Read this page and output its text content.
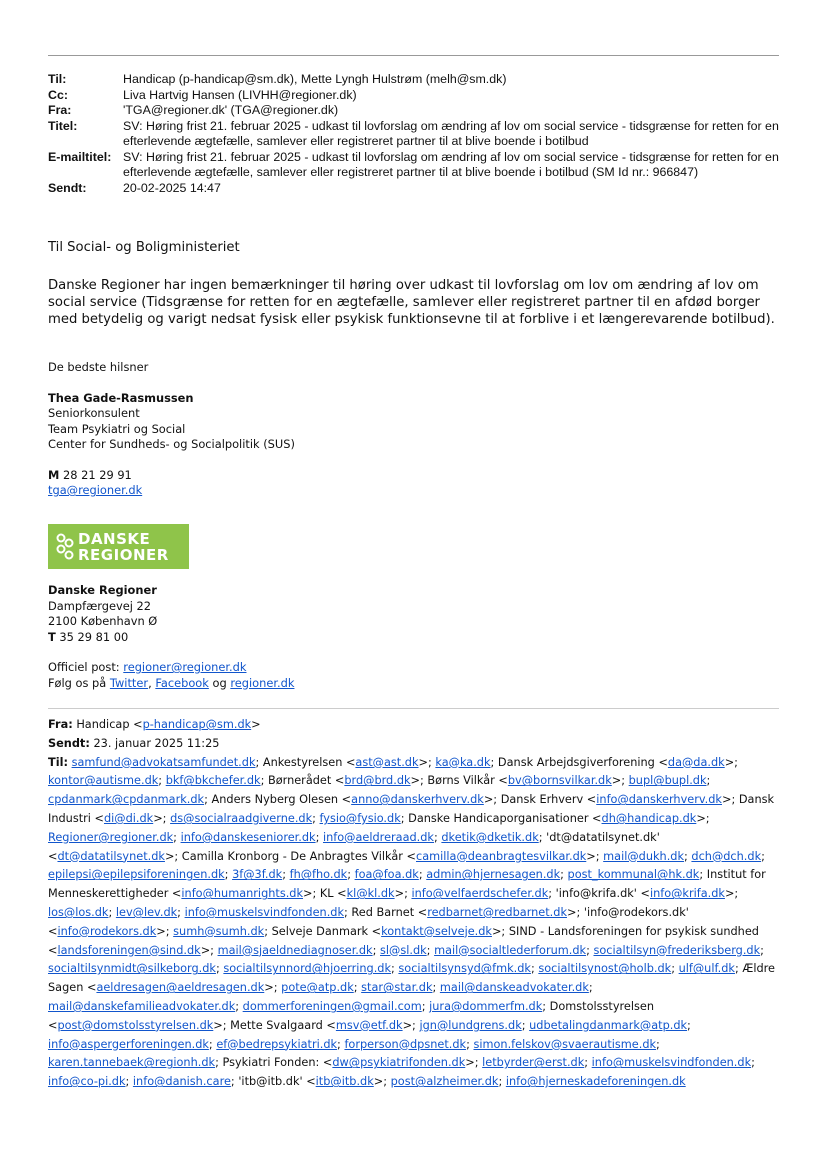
Til:	Handicap (p-handicap@sm.dk), Mette Lyngh Hulstrøm (melh@sm.dk)
Cc:	Liva Hartvig Hansen (LIVHH@regioner.dk)
Fra:	'TGA@regioner.dk' (TGA@regioner.dk)
Titel:	SV: Høring frist 21. februar 2025 - udkast til lovforslag om ændring af lov om social service - tidsgrænse for retten for en efterlevende ægtefælle, samlever eller registreret partner til at blive boende i botilbud
E-mailtitel: SV: Høring frist 21. februar 2025 - udkast til lovforslag om ændring af lov om social service - tidsgrænse for retten for en efterlevende ægtefælle, samlever eller registreret partner til at blive boende i botilbud (SM Id nr.: 966847)
Sendt:	20-02-2025 14:47
Til Social- og Boligministeriet
Danske Regioner har ingen bemærkninger til høring over udkast til lovforslag om lov om ændring af lov om social service (Tidsgrænse for retten for en ægtefælle, samlever eller registreret partner til en afdød borger med betydelig og varigt nedsat fysisk eller psykisk funktionsevne til at forblive i et længerevarende botilbud).
De bedste hilsner
Thea Gade-Rasmussen
Seniorkonsulent
Team Psykiatri og Social
Center for Sundheds- og Socialpolitik (SUS)
M 28 21 29 91
tga@regioner.dk
DANSKE
REGIONER
Danske Regioner
Dampfærgevej 22
2100 København Ø
T 35 29 81 00
Officiel post: regioner@regioner.dk
Følg os på Twitter, Facebook og regioner.dk
Fra: Handicap <p-handicap@sm.dk>
Sendt: 23. januar 2025 11:25
Til: samfund@advokatsamfundet.dk; Ankestyrelsen <ast@ast.dk>; ka@ka.dk; Dansk Arbejdsgiverforening <da@da.dk>; kontor@autisme.dk; bkf@bkchefer.dk; Børnerådet <brd@brd.dk>; Børns Vilkår <bv@bornsvilkar.dk>; bupl@bupl.dk; cpdanmark@cpdanmark.dk; Anders Nyberg Olesen <anno@danskerhverv.dk>; Dansk Erhverv <info@danskerhverv.dk>; Dansk Industri <di@di.dk>; ds@socialraadgiverne.dk; fysio@fysio.dk; Danske Handicaporganisationer <dh@handicap.dk>; Regioner@regioner.dk; info@danskeseniorer.dk; info@aeldreraad.dk; dketik@dketik.dk; 'dt@datatilsynet.dk' <dt@datatilsynet.dk>; Camilla Kronborg - De Anbragtes Vilkår <camilla@deanbragtesvilkar.dk>; mail@dukh.dk; dch@dch.dk; epilepsi@epilepsiforeningen.dk; 3f@3f.dk; fh@fho.dk; foa@foa.dk; admin@hjernesagen.dk; post_kommunal@hk.dk; Institut for Menneskerettigheder <info@humanrights.dk>; KL <kl@kl.dk>; info@velfaerdschefer.dk; 'info@krifa.dk' <info@krifa.dk>; los@los.dk; lev@lev.dk; info@muskelsvindfonden.dk; Red Barnet <redbarnet@redbarnet.dk>; 'info@rodekors.dk' <info@rodekors.dk>; sumh@sumh.dk; Selveje Danmark <kontakt@selveje.dk>; SIND - Landsforeningen for psykisk sundhed <landsforeningen@sind.dk>; mail@sjaeldnediagnoser.dk; sl@sl.dk; mail@socialtlederforum.dk; socialtilsyn@frederiksberg.dk; socialtilsynmidt@silkeborg.dk; socialtilsynnord@hjoerring.dk; socialtilsynsyd@fmk.dk; socialtilsynost@holb.dk; ulf@ulf.dk; Ældre Sagen <aeldresagen@aeldresagen.dk>; pote@atp.dk; star@star.dk; mail@danskeadvokater.dk; mail@danskefamilieadvokater.dk; dommerforeningen@gmail.com; jura@dommerfm.dk; Domstolsstyrelsen <post@domstolsstyrelsen.dk>; Mette Svalgaard <msv@etf.dk>; jgn@lundgrens.dk; udbetalingdanmark@atp.dk; info@aspergerforeningen.dk; ef@bedrepsykiatri.dk; forperson@dpsnet.dk; simon.felskov@svaerautisme.dk; karen.tannebaek@regionh.dk; Psykiatri Fonden: <dw@psykiatrifonden.dk>; letbyrder@erst.dk; info@muskelsvindfonden.dk; info@co-pi.dk; info@danish.care; 'itb@itb.dk' <itb@itb.dk>; post@alzheimer.dk; info@hjerneskadeforeningen.dk
